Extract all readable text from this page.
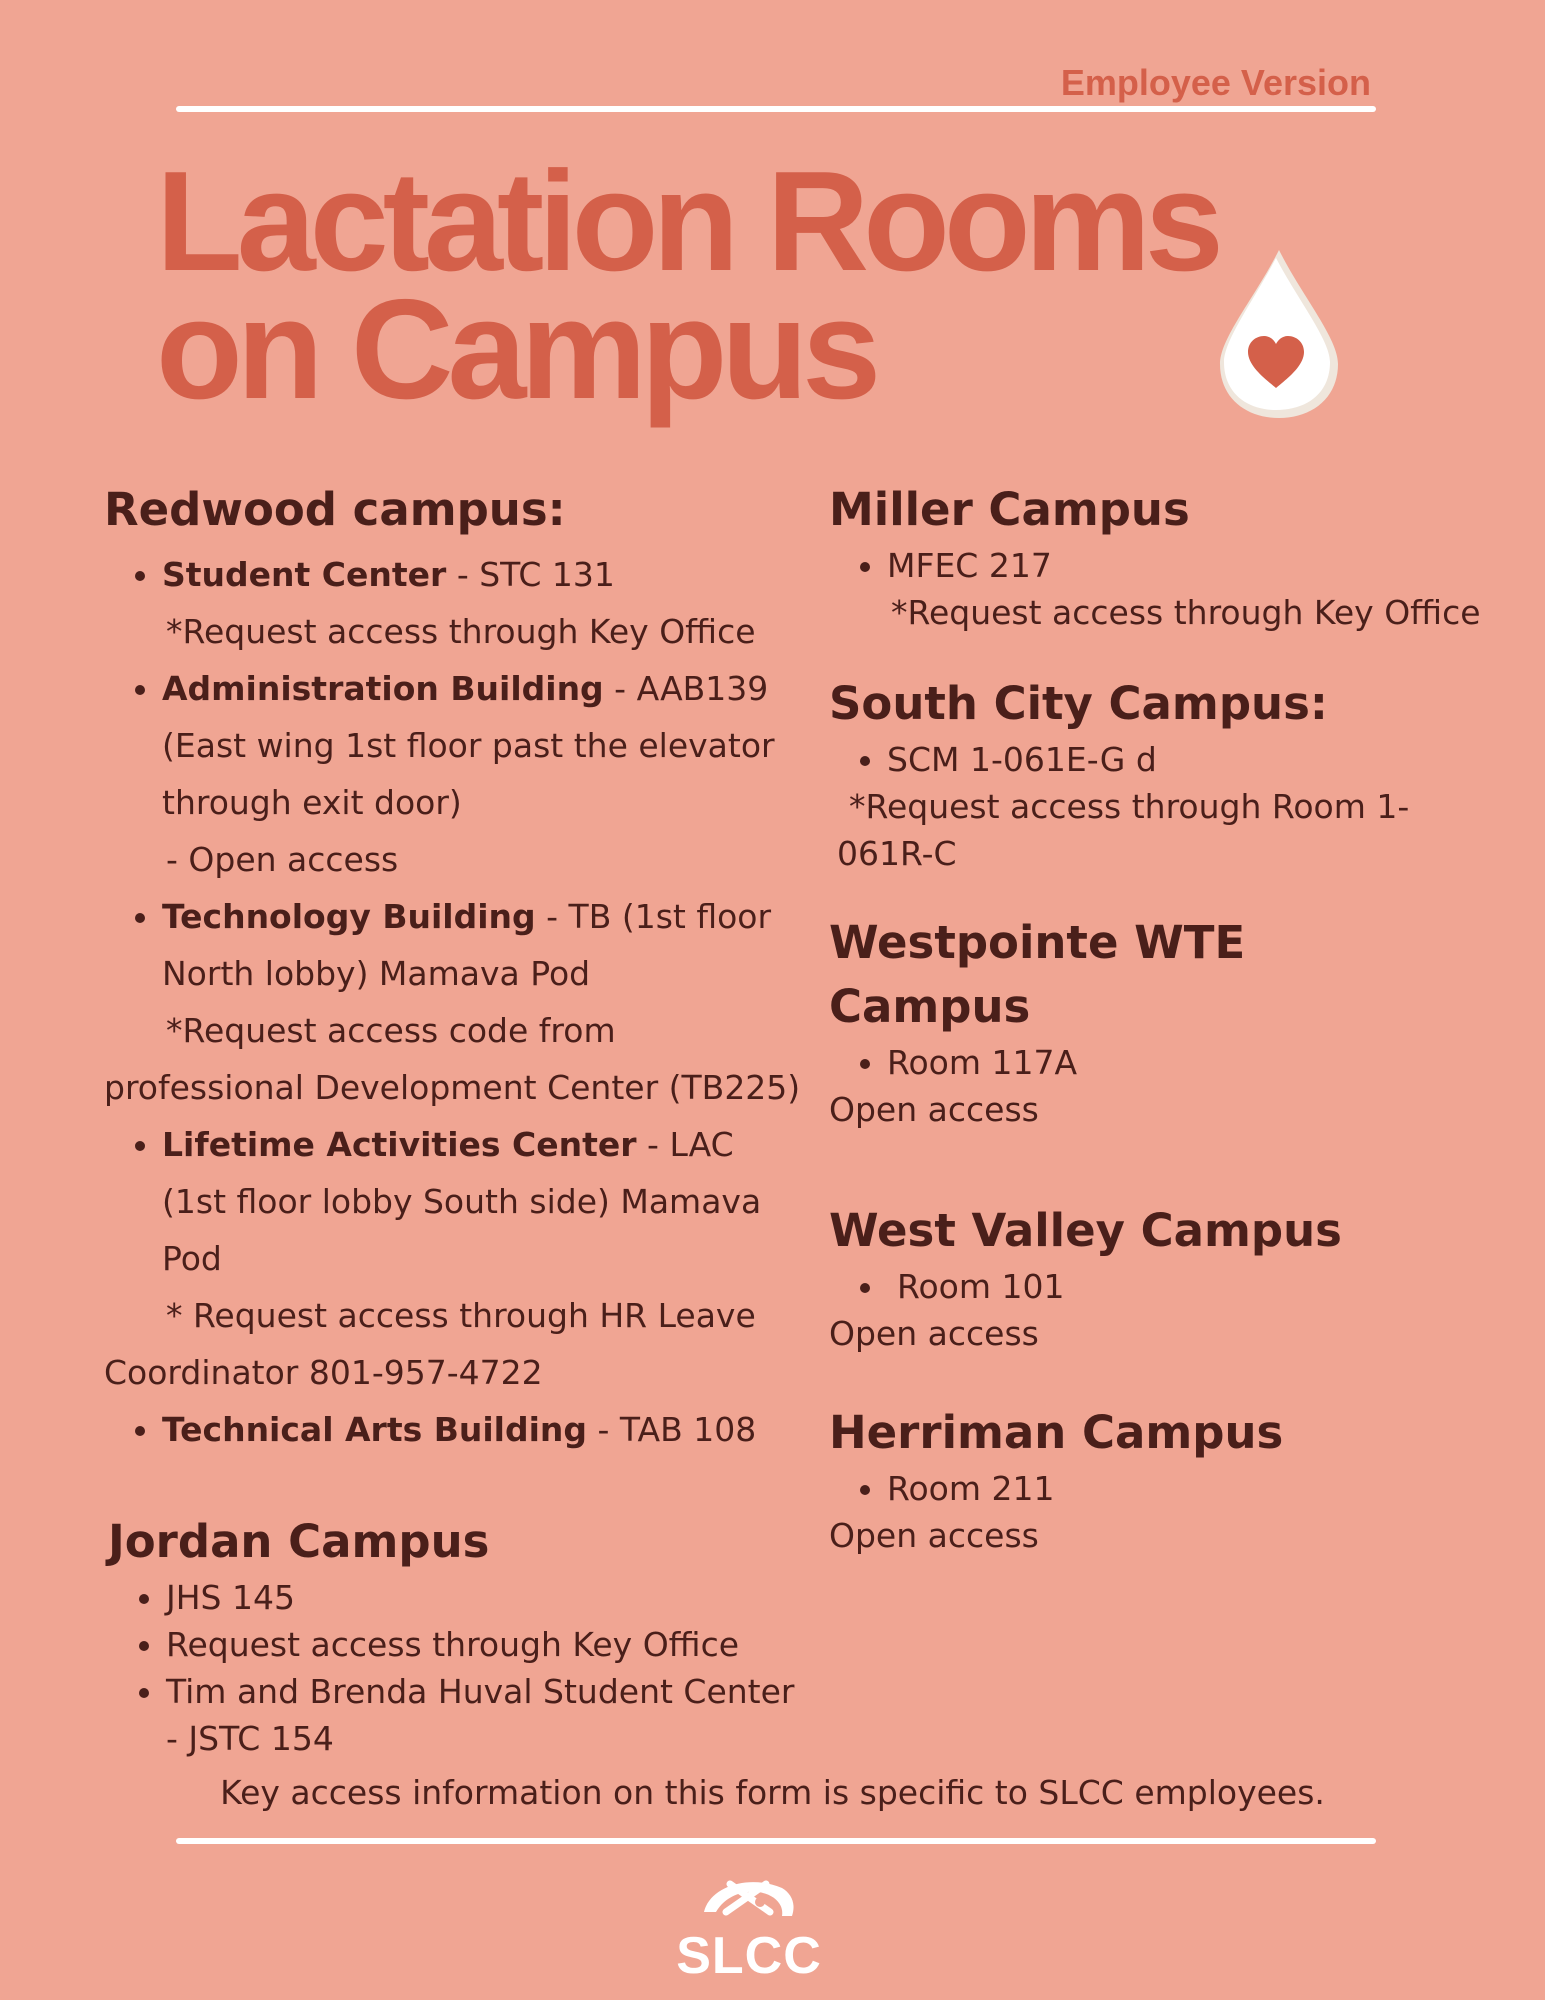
Employee Version
Lactation Rooms
on Campus
Redwood campus:
• Student Center - STC 131
*Request access through Key Office
• Administration Building - AAB139 (East wing 1st floor past the elevator through exit door)
- Open access
• Technology Building - TB (1st floor North lobby) Mamava Pod

*Request access code from professional Development Center (TB225)

• Lifetime Activities Center - LAC (1st floor lobby South side) Mamava Pod

* Request access through HR Leave Coordinator 801-957-4722

• Technical Arts Building - TAB 108
Jordan Campus
• JHS 145
• Request access through Key Office
• Tim and Brenda Huval Student Center - JSTC 154
Miller Campus
• MFEC 217

*Request access through Key Office

South City Campus:
• SCM 1-061E-G d

*Request access through Room 1-061R-C

Westpointe WTE Campus
• Room 117A

Open access

West Valley Campus
• Room 101

Open access

Herriman Campus
• Room 211

Open access

Key access information on this form is specific to SLCC employees.

SLCC
